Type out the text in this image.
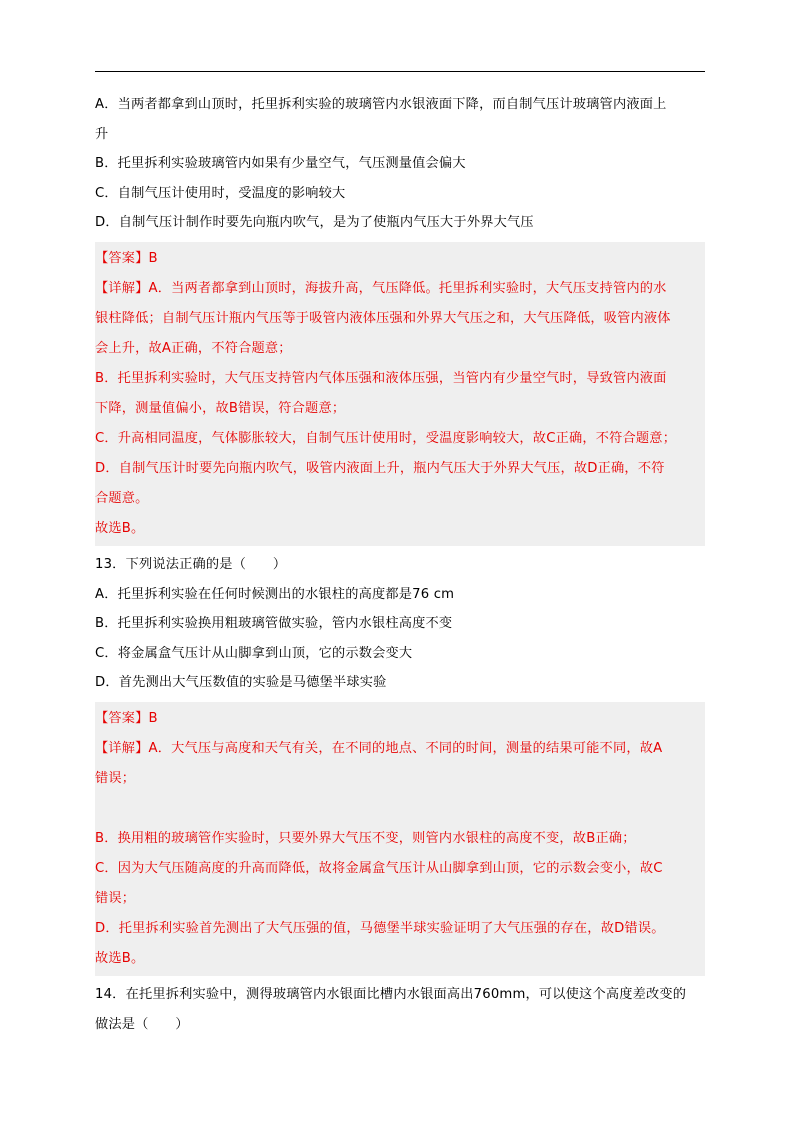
A．当两者都拿到山顶时，托里拆利实验的玻璃管内水银液面下降，而自制气压计玻璃管内液面上
升
B．托里拆利实验玻璃管内如果有少量空气，气压测量值会偏大
C．自制气压计使用时，受温度的影响较大
D．自制气压计制作时要先向瓶内吹气，是为了使瓶内气压大于外界大气压
【答案】B
【详解】A．当两者都拿到山顶时，海拔升高，气压降低。托里拆利实验时，大气压支持管内的水
银柱降低；自制气压计瓶内气压等于吸管内液体压强和外界大气压之和，大气压降低，吸管内液体
会上升，故A正确，不符合题意；
B．托里拆利实验时，大气压支持管内气体压强和液体压强，当管内有少量空气时，导致管内液面
下降，测量值偏小，故B错误，符合题意；
C．升高相同温度，气体膨胀较大，自制气压计使用时，受温度影响较大，故C正确，不符合题意；
D．自制气压计时要先向瓶内吹气，吸管内液面上升，瓶内气压大于外界大气压，故D正确，不符
合题意。
故选B。
13．下列说法正确的是（　　）
A．托里拆利实验在任何时候测出的水银柱的高度都是76 cm
B．托里拆利实验换用粗玻璃管做实验，管内水银柱高度不变
C．将金属盒气压计从山脚拿到山顶，它的示数会变大
D．首先测出大气压数值的实验是马德堡半球实验
【答案】B
【详解】A．大气压与高度和天气有关，在不同的地点、不同的时间，测量的结果可能不同，故A
错误；
B．换用粗的玻璃管作实验时，只要外界大气压不变，则管内水银柱的高度不变，故B正确；
C．因为大气压随高度的升高而降低，故将金属盒气压计从山脚拿到山顶，它的示数会变小，故C
错误；
D．托里拆利实验首先测出了大气压强的值，马德堡半球实验证明了大气压强的存在，故D错误。
故选B。
14．在托里拆利实验中，测得玻璃管内水银面比槽内水银面高出760mm，可以使这个高度差改变的
做法是（　　）
